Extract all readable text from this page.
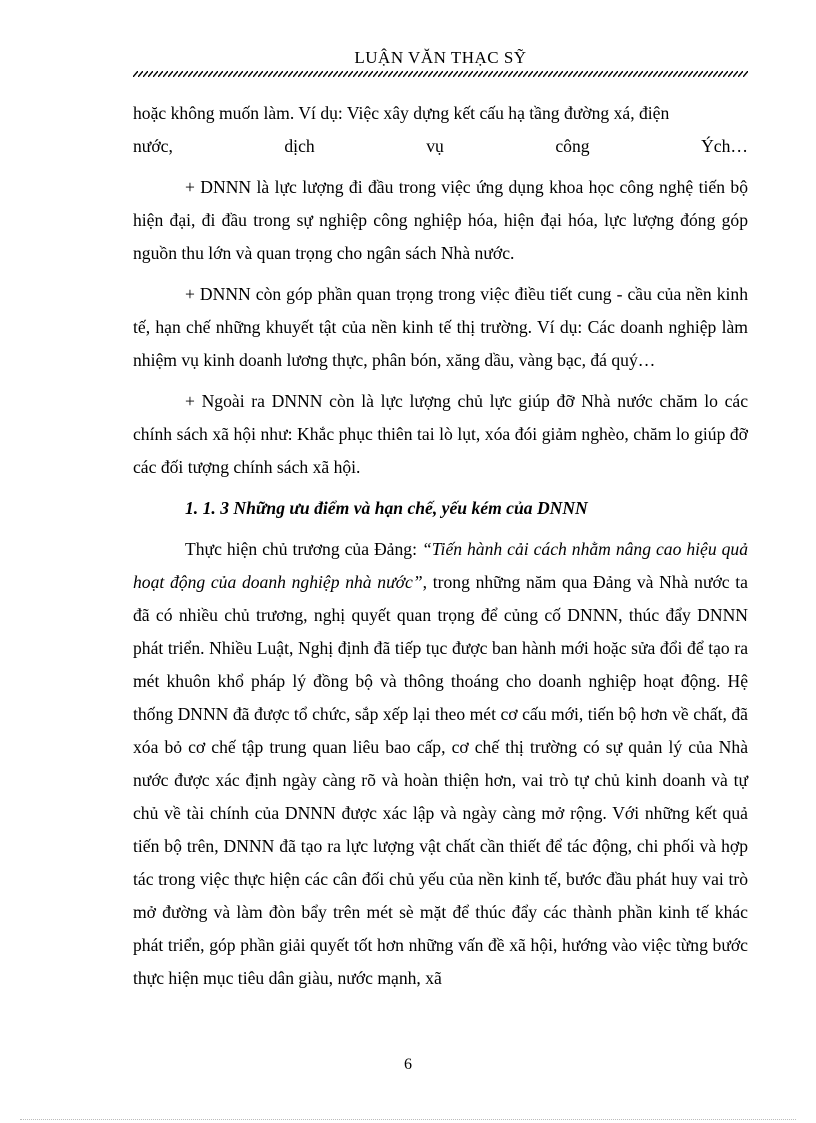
LUẬN VĂN THẠC SỸ

hoặc không muốn làm. Ví dụ: Việc xây dựng kết cấu hạ tầng đường xá, điện

nước, dịch vụ công Ých…

+ DNNN là lực lượng đi đầu trong việc ứng dụng khoa học công nghệ tiến bộ hiện đại, đi đầu trong sự nghiệp công nghiệp hóa, hiện đại hóa, lực lượng đóng góp nguồn thu lớn và quan trọng cho ngân sách Nhà nước.

+ DNNN còn góp phần quan trọng trong việc điều tiết cung - cầu của nền kinh tế, hạn chế những khuyết tật của nền kinh tế thị trường. Ví dụ: Các doanh nghiệp làm nhiệm vụ kinh doanh lương thực, phân bón, xăng dầu, vàng bạc, đá quý…

+ Ngoài ra DNNN còn là lực lượng chủ lực giúp đỡ Nhà nước chăm lo các chính sách xã hội như: Khắc phục thiên tai lò lụt, xóa đói giảm nghèo, chăm lo giúp đỡ các đối tượng chính sách xã hội.

1. 1. 3 Những ưu điểm và hạn chế, yếu kém của DNNN

Thực hiện chủ trương của Đảng: “Tiến hành cải cách nhằm nâng cao hiệu quả hoạt động của doanh nghiệp nhà nước”, trong những năm qua Đảng và Nhà nước ta đã có nhiều chủ trương, nghị quyết quan trọng để củng cố DNNN, thúc đẩy DNNN phát triển. Nhiều Luật, Nghị định đã tiếp tục được ban hành mới hoặc sửa đổi để tạo ra mét khuôn khổ pháp lý đồng bộ và thông thoáng cho doanh nghiệp hoạt động. Hệ thống DNNN đã được tổ chức, sắp xếp lại theo mét cơ cấu mới, tiến bộ hơn về chất, đã xóa bỏ cơ chế tập trung quan liêu bao cấp, cơ chế thị trường có sự quản lý của Nhà nước được xác định ngày càng rõ và hoàn thiện hơn, vai trò tự chủ kinh doanh và tự chủ về tài chính của DNNN được xác lập và ngày càng mở rộng. Với những kết quả tiến bộ trên, DNNN đã tạo ra lực lượng vật chất cần thiết để tác động, chi phối và hợp tác trong việc thực hiện các cân đối chủ yếu của nền kinh tế, bước đầu phát huy vai trò mở đường và làm đòn bẩy trên mét sè mặt để thúc đẩy các thành phần kinh tế khác phát triển, góp phần giải quyết tốt hơn những vấn đề xã hội, hướng vào việc từng bước thực hiện mục tiêu dân giàu, nước mạnh, xã

6
